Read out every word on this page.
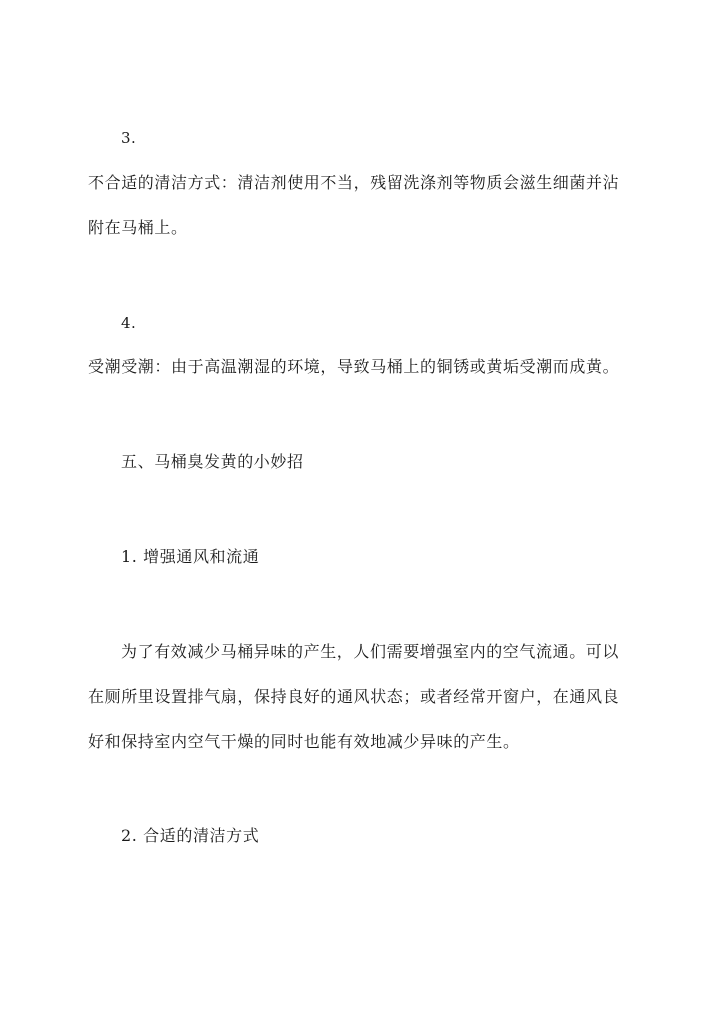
3.
不合适的清洁方式：清洁剂使用不当，残留洗涤剂等物质会滋生细菌并沾
附在马桶上。
4.
受潮受潮：由于高温潮湿的环境，导致马桶上的铜锈或黄垢受潮而成黄。
五、马桶臭发黄的小妙招
1. 增强通风和流通
为了有效减少马桶异味的产生，人们需要增强室内的空气流通。可以
在厕所里设置排气扇，保持良好的通风状态；或者经常开窗户，在通风良
好和保持室内空气干燥的同时也能有效地减少异味的产生。
2. 合适的清洁方式
